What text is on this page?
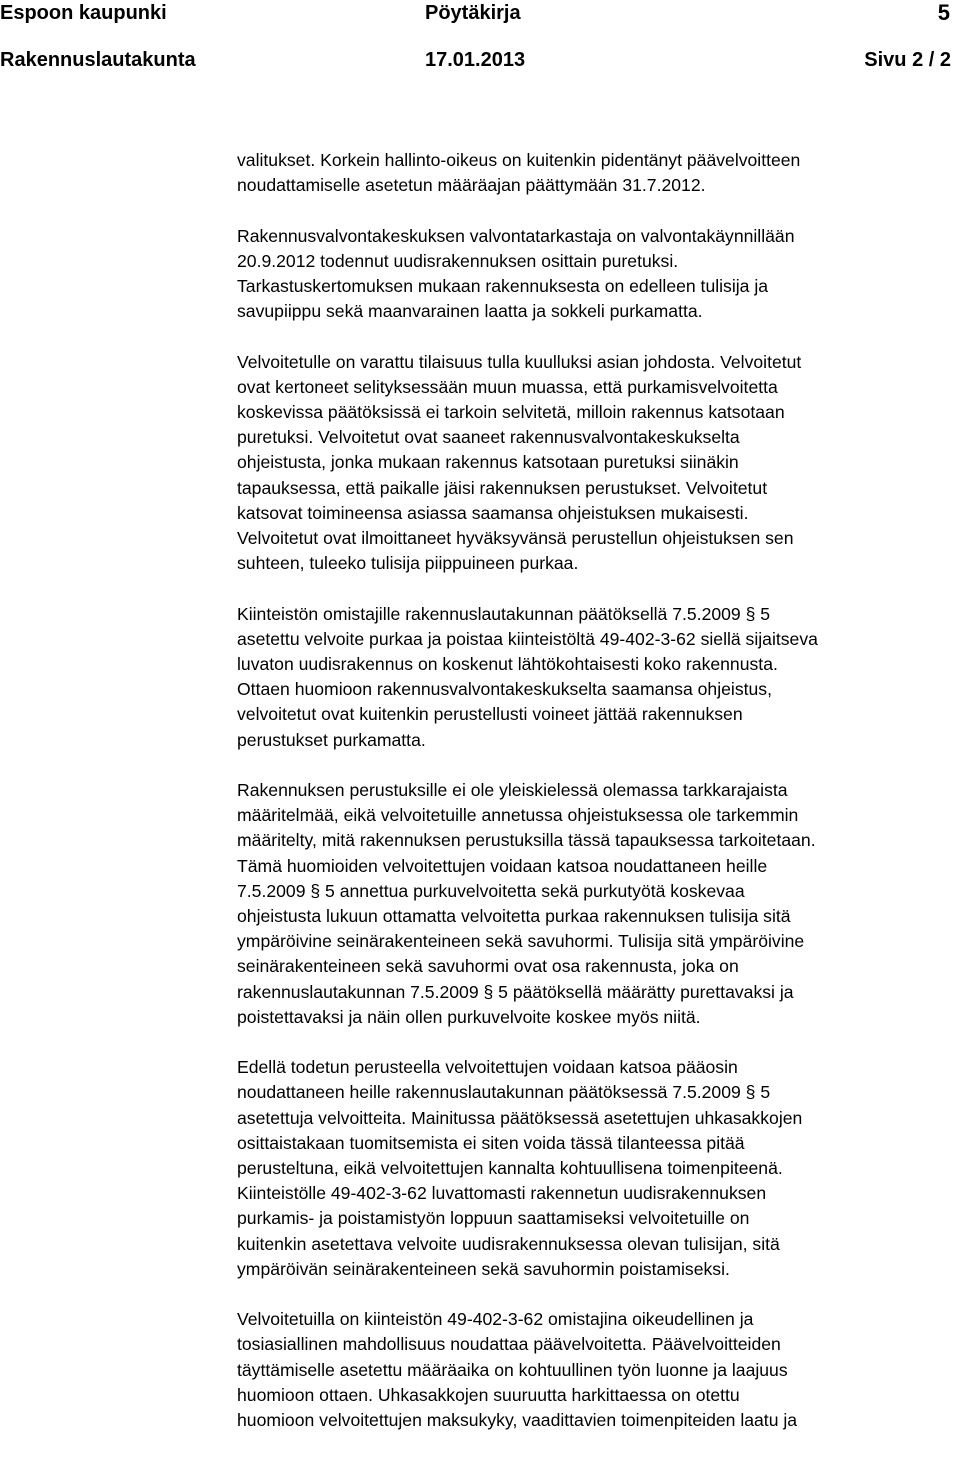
Espoon kaupunki	Pöytäkirja	5
Rakennuslautakunta	17.01.2013	Sivu 2 / 2

valitukset. Korkein hallinto-oikeus on kuitenkin pidentänyt päävelvoitteen
noudattamiselle asetetun määräajan päättymään 31.7.2012.

Rakennusvalvontakeskuksen valvontatarkastaja on valvontakäynnillään
20.9.2012 todennut uudisrakennuksen osittain puretuksi.
Tarkastuskertomuksen mukaan rakennuksesta on edelleen tulisija ja
savupiippu sekä maanvarainen laatta ja sokkeli purkamatta.

Velvoitetulle on varattu tilaisuus tulla kuulluksi asian johdosta. Velvoitetut
ovat kertoneet selityksessään muun muassa, että purkamisvelvoitetta
koskevissa päätöksissä ei tarkoin selvitetä, milloin rakennus katsotaan
puretuksi. Velvoitetut ovat saaneet rakennusvalvontakeskukselta
ohjeistusta, jonka mukaan rakennus katsotaan puretuksi siinäkin
tapauksessa, että paikalle jäisi rakennuksen perustukset. Velvoitetut
katsovat toimineensa asiassa saamansa ohjeistuksen mukaisesti.
Velvoitetut ovat ilmoittaneet hyväksyvänsä perustellun ohjeistuksen sen
suhteen, tuleeko tulisija piippuineen purkaa.

Kiinteistön omistajille rakennuslautakunnan päätöksellä 7.5.2009 § 5
asetettu velvoite purkaa ja poistaa kiinteistöltä 49-402-3-62 siellä sijaitseva
luvaton uudisrakennus on koskenut lähtökohtaisesti koko rakennusta.
Ottaen huomioon rakennusvalvontakeskukselta saamansa ohjeistus,
velvoitetut ovat kuitenkin perustellusti voineet jättää rakennuksen
perustukset purkamatta.

Rakennuksen perustuksille ei ole yleiskielessä olemassa tarkkarajaista
määritelmää, eikä velvoitetuille annetussa ohjeistuksessa ole tarkemmin
määritelty, mitä rakennuksen perustuksilla tässä tapauksessa tarkoitetaan.
Tämä huomioiden velvoitettujen voidaan katsoa noudattaneen heille
7.5.2009 § 5 annettua purkuvelvoitetta sekä purkutyötä koskevaa
ohjeistusta lukuun ottamatta velvoitetta purkaa rakennuksen tulisija sitä
ympäröivine seinärakenteineen sekä savuhormi. Tulisija sitä ympäröivine
seinärakenteineen sekä savuhormi ovat osa rakennusta, joka on
rakennuslautakunnan 7.5.2009 § 5 päätöksellä määrätty purettavaksi ja
poistettavaksi ja näin ollen purkuvelvoite koskee myös niitä.

Edellä todetun perusteella velvoitettujen voidaan katsoa pääosin
noudattaneen heille rakennuslautakunnan päätöksessä 7.5.2009 § 5
asetettuja velvoitteita. Mainitussa päätöksessä asetettujen uhkasakkojen
osittaistakaan tuomitsemista ei siten voida tässä tilanteessa pitää
perusteltuna, eikä velvoitettujen kannalta kohtuullisena toimenpiteenä.
Kiinteistölle 49-402-3-62 luvattomasti rakennetun uudisrakennuksen
purkamis- ja poistamistyön loppuun saattamiseksi velvoitetuille on
kuitenkin asetettava velvoite uudisrakennuksessa olevan tulisijan, sitä
ympäröivän seinärakenteineen sekä savuhormin poistamiseksi.

Velvoitetuilla on kiinteistön 49-402-3-62 omistajina oikeudellinen ja
tosiasiallinen mahdollisuus noudattaa päävelvoitetta. Päävelvoitteiden
täyttämiselle asetettu määräaika on kohtuullinen työn luonne ja laajuus
huomioon ottaen. Uhkasakkojen suuruutta harkittaessa on otettu
huomioon velvoitettujen maksukyky, vaadittavien toimenpiteiden laatu ja
